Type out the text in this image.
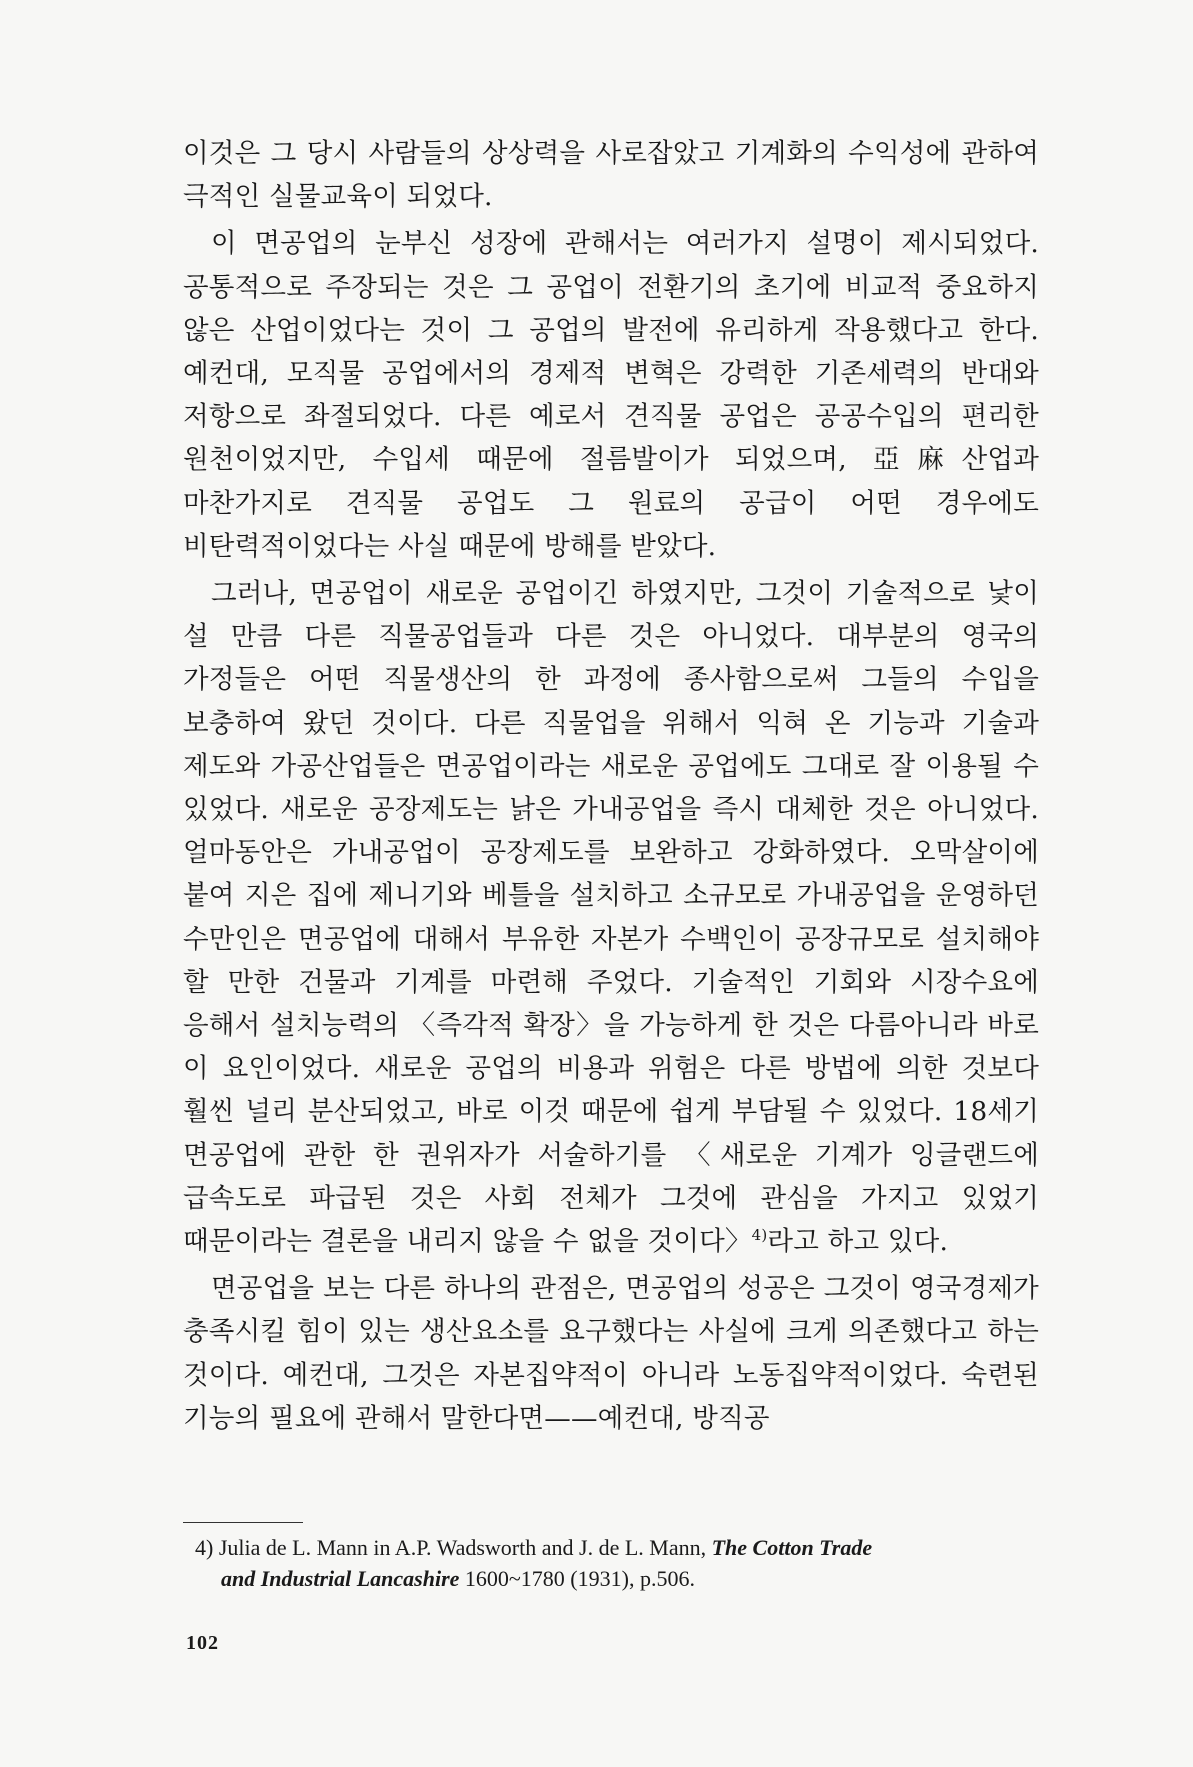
이것은 그 당시 사람들의 상상력을 사로잡았고 기계화의 수익성에 관하여 극적인 실물교육이 되었다.

이 면공업의 눈부신 성장에 관해서는 여러가지 설명이 제시되었다. 공통적으로 주장되는 것은 그 공업이 전환기의 초기에 비교적 중요하지 않은 산업이었다는 것이 그 공업의 발전에 유리하게 작용했다고 한다. 예컨대, 모직물 공업에서의 경제적 변혁은 강력한 기존세력의 반대와 저항으로 좌절되었다. 다른 예로서 견직물 공업은 공공수입의 편리한 원천이었지만, 수입세 때문에 절름발이가 되었으며, 亞麻산업과 마찬가지로 견직물 공업도 그 원료의 공급이 어떤 경우에도 비탄력적이었다는 사실 때문에 방해를 받았다.

그러나, 면공업이 새로운 공업이긴 하였지만, 그것이 기술적으로 낯이 설 만큼 다른 직물공업들과 다른 것은 아니었다. 대부분의 영국의 가정들은 어떤 직물생산의 한 과정에 종사함으로써 그들의 수입을 보충하여 왔던 것이다. 다른 직물업을 위해서 익혀 온 기능과 기술과 제도와 가공산업들은 면공업이라는 새로운 공업에도 그대로 잘 이용될 수 있었다. 새로운 공장제도는 낡은 가내공업을 즉시 대체한 것은 아니었다. 얼마동안은 가내공업이 공장제도를 보완하고 강화하였다. 오막살이에 붙여 지은 집에 제니기와 베틀을 설치하고 소규모로 가내공업을 운영하던 수만인은 면공업에 대해서 부유한 자본가 수백인이 공장규모로 설치해야 할 만한 건물과 기계를 마련해 주었다. 기술적인 기회와 시장수요에 응해서 설치능력의 〈즉각적 확장〉을 가능하게 한 것은 다름아니라 바로 이 요인이었다. 새로운 공업의 비용과 위험은 다른 방법에 의한 것보다 훨씬 널리 분산되었고, 바로 이것 때문에 쉽게 부담될 수 있었다. 18세기 면공업에 관한 한 권위자가 서술하기를 〈새로운 기계가 잉글랜드에 급속도로 파급된 것은 사회 전체가 그것에 관심을 가지고 있었기 때문이라는 결론을 내리지 않을 수 없을 것이다〉$^{4)}$라고 하고 있다.

면공업을 보는 다른 하나의 관점은, 면공업의 성공은 그것이 영국경제가 충족시킬 힘이 있는 생산요소를 요구했다는 사실에 크게 의존했다고 하는 것이다. 예컨대, 그것은 자본집약적이 아니라 노동집약적이었다. 숙련된 기능의 필요에 관해서 말한다면——예컨대, 방직공

4) Julia de L. Mann in A.P. Wadsworth and J. de L. Mann, The Cotton Trade
and Industrial Lancashire 1600~1780 (1931), p.506.
102
